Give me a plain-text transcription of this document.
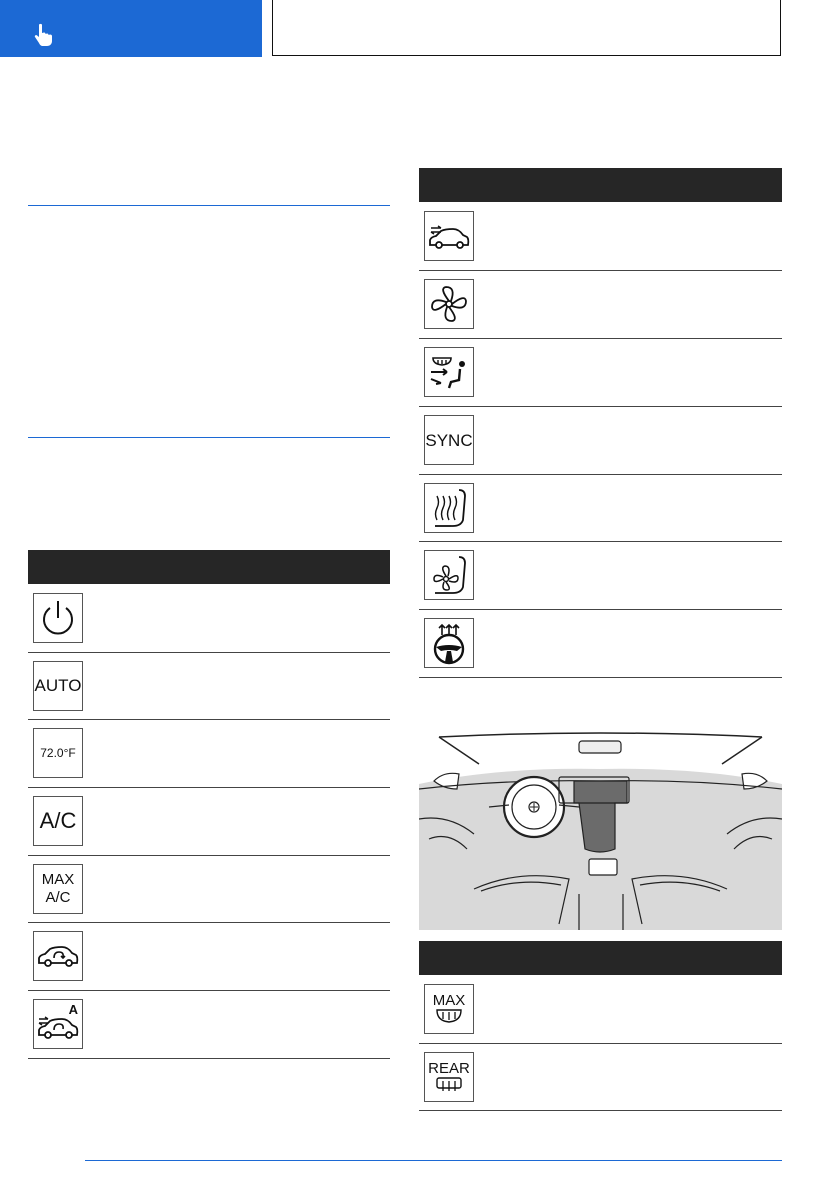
AUTO	

72.0°F	

A/C	

MAX
A/C	

A	

SYNC	

MAX	

REAR	
